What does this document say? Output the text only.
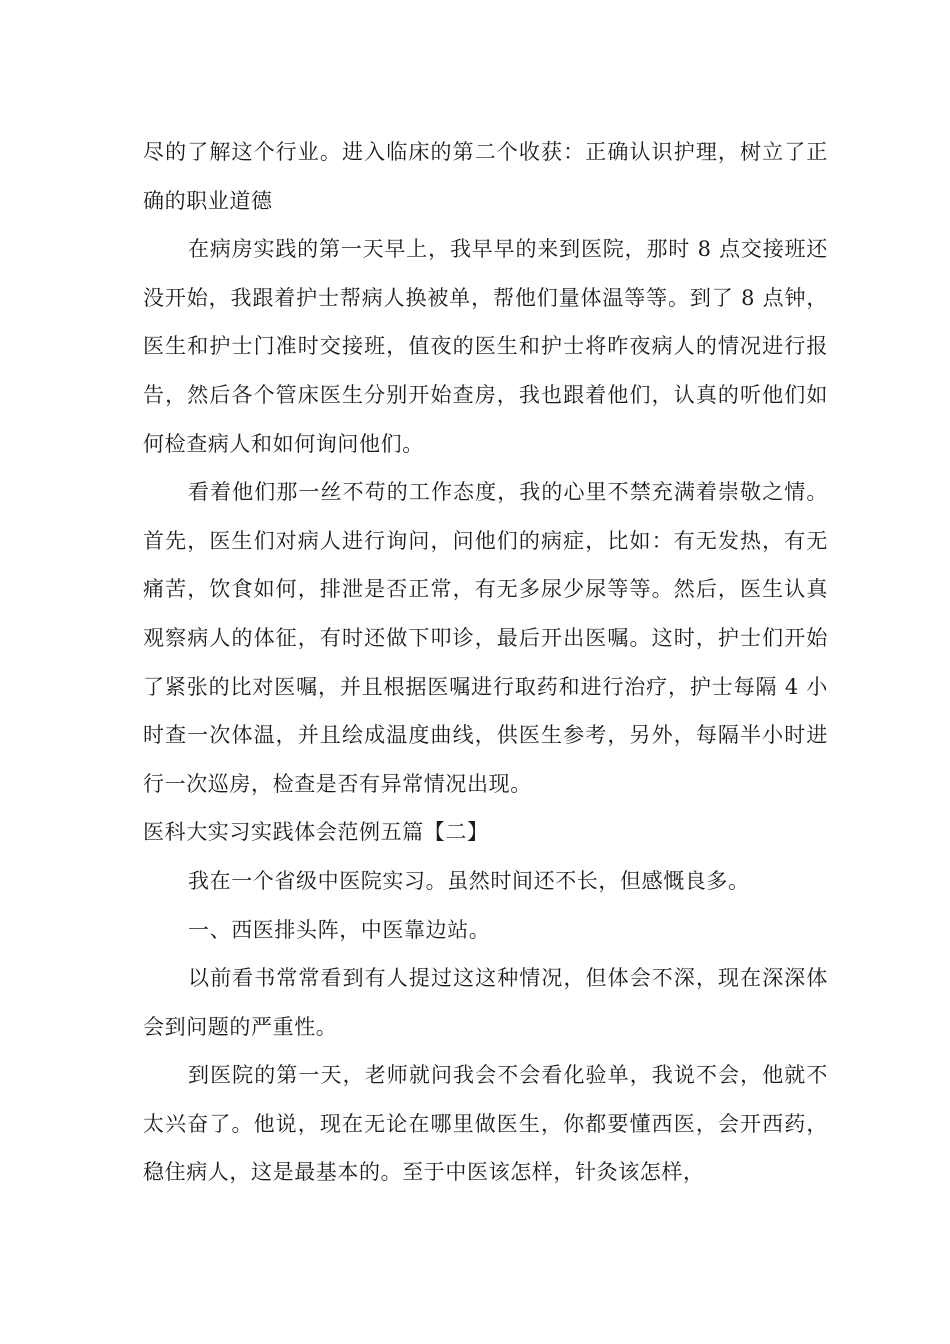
尽的了解这个行业。进入临床的第二个收获：正确认识护理，树立了正确的职业道德

在病房实践的第一天早上，我早早的来到医院，那时 8 点交接班还没开始，我跟着护士帮病人换被单，帮他们量体温等等。到了 8 点钟，医生和护士门准时交接班，值夜的医生和护士将昨夜病人的情况进行报告，然后各个管床医生分别开始查房，我也跟着他们，认真的听他们如何检查病人和如何询问他们。

看着他们那一丝不苟的工作态度，我的心里不禁充满着崇敬之情。首先，医生们对病人进行询问，问他们的病症，比如：有无发热，有无痛苦，饮食如何，排泄是否正常，有无多尿少尿等等。然后，医生认真观察病人的体征，有时还做下叩诊，最后开出医嘱。这时，护士们开始了紧张的比对医嘱，并且根据医嘱进行取药和进行治疗，护士每隔 4 小时查一次体温，并且绘成温度曲线，供医生参考，另外，每隔半小时进行一次巡房，检查是否有异常情况出现。

医科大实习实践体会范例五篇【二】

我在一个省级中医院实习。虽然时间还不长，但感慨良多。

一、西医排头阵，中医靠边站。

以前看书常常看到有人提过这这种情况，但体会不深，现在深深体会到问题的严重性。

到医院的第一天，老师就问我会不会看化验单，我说不会，他就不太兴奋了。他说，现在无论在哪里做医生，你都要懂西医，会开西药，稳住病人，这是最基本的。至于中医该怎样，针灸该怎样，
